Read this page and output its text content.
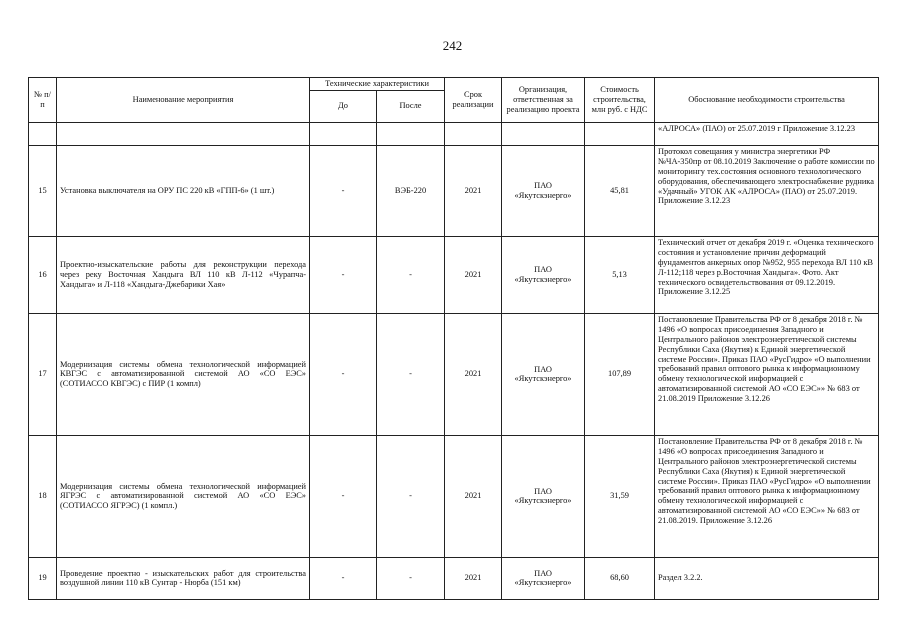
242
№ п/п	Наименование мероприятия	Технические характеристики		Срок реализации	Организация, ответственная за реализацию проекта	Стоимость строительства, млн руб. с НДС	Обоснование необходимости строительства
		До	После				
							«АЛРОСА» (ПАО) от 25.07.2019 г Приложение 3.12.23
15	Установка выключателя на ОРУ ПС 220 кВ «ГПП-6» (1 шт.)	-	ВЭБ-220	2021	ПАО «Якутскэнерго»	45,81	Протокол совещания у министра энергетики РФ №ЧА-350пр от 08.10.2019 Заключение о работе комиссии по мониторингу тех.состояния основного технологического оборудования, обеспечивающего электроснабжение рудника «Удачный» УГОК АК «АЛРОСА» (ПАО) от 25.07.2019. Приложение 3.12.23
16	Проектно-изыскательские работы для реконструкции перехода через реку Восточная Хандыга ВЛ 110 кВ Л-112 «Чурапча-Хандыга» и Л-118 «Хандыга-Джебарики Хая»	-	-	2021	ПАО «Якутскэнерго»	5,13	Технический отчет от декабря 2019 г. «Оценка технического состояния и установление причин деформаций фундаментов анкерных опор №952, 955 перехода ВЛ 110 кВ Л-112;118 через р.Восточная Хандыга». Фото. Акт технического освидетельствования от 09.12.2019. Приложение 3.12.25
17	Модернизация системы обмена технологической информацией КВГЭС с автоматизированной системой АО «СО ЕЭС» (СОТИАССО КВГЭС) с ПИР (1 компл)	-	-	2021	ПАО «Якутскэнерго»	107,89	Постановление Правительства РФ от 8 декабря 2018 г. № 1496 «О вопросах присоединения Западного и Центрального районов электроэнергетической системы Республики Саха (Якутия) к Единой энергетической системе России». Приказ ПАО «РусГидро» «О выполнении требований правил оптового рынка к информационному обмену технологической информацией с автоматизированной системой АО «СО ЕЭС»» № 683 от 21.08.2019 Приложение 3.12.26
18	Модернизация системы обмена технологической информацией ЯГРЭС с автоматизированной системой АО «СО ЕЭС» (СОТИАССО ЯГРЭС) (1 компл.)	-	-	2021	ПАО «Якутскэнерго»	31,59	Постановление Правительства РФ от 8 декабря 2018 г. № 1496 «О вопросах присоединения Западного и Центрального районов электроэнергетической системы Республики Саха (Якутия) к Единой энергетической системе России». Приказ ПАО «РусГидро» «О выполнении требований правил оптового рынка к информационному обмену технологической информацией с автоматизированной системой АО «СО ЕЭС»» № 683 от 21.08.2019. Приложение 3.12.26
19	Проведение проектно - изыскательских работ для строительства воздушной линии 110 кВ Сунтар - Нюрба (151 км)	-	-	2021	ПАО «Якутскэнерго»	68,60	Раздел 3.2.2.
